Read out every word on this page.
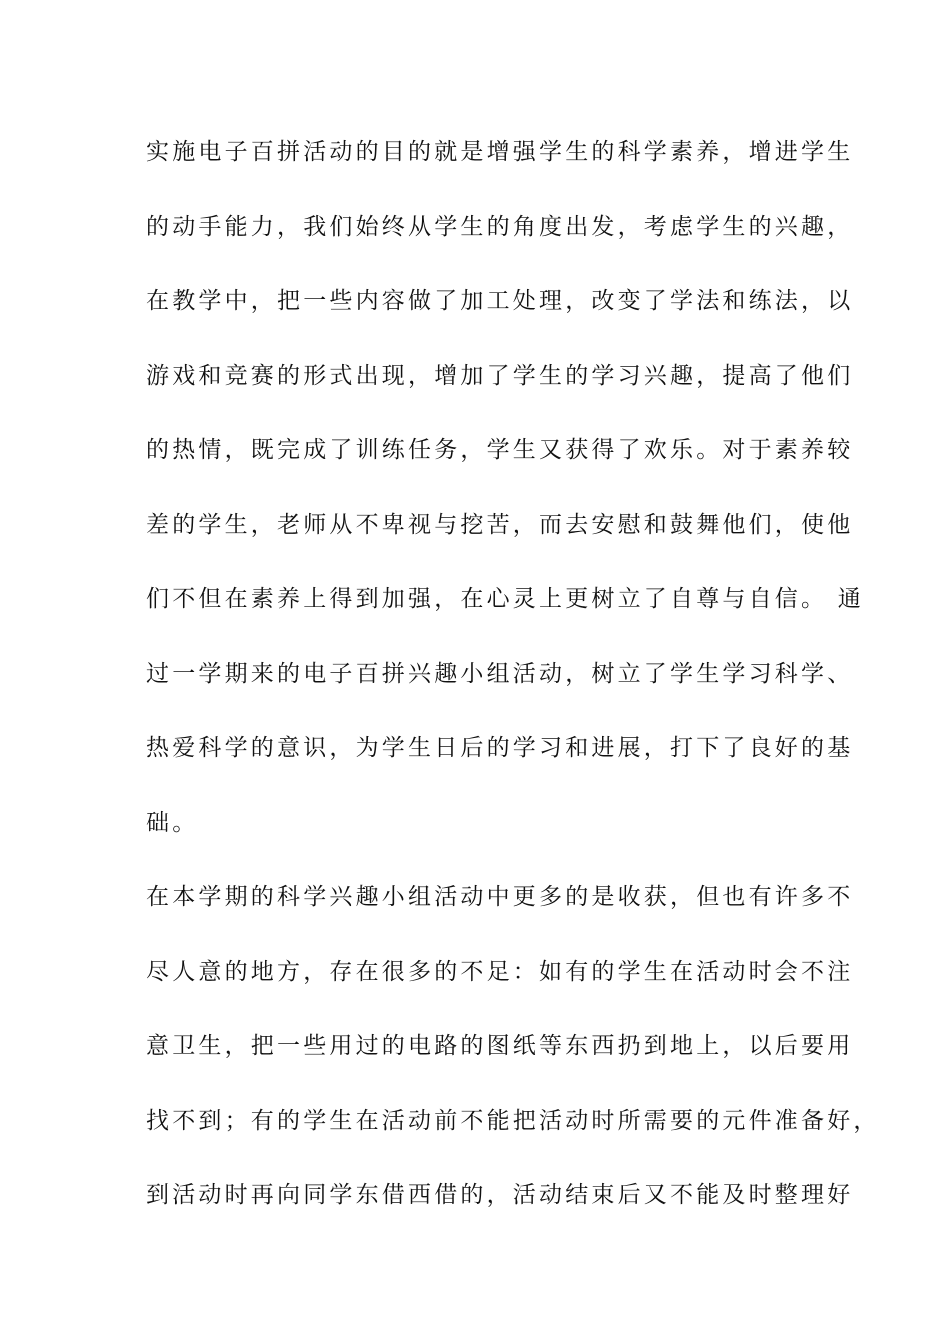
实施电子百拼活动的目的就是增强学生的科学素养，增进学生
的动手能力，我们始终从学生的角度出发，考虑学生的兴趣，
在教学中，把一些内容做了加工处理，改变了学法和练法，以
游戏和竞赛的形式出现，增加了学生的学习兴趣，提高了他们
的热情，既完成了训练任务，学生又获得了欢乐。对于素养较
差的学生，老师从不卑视与挖苦，而去安慰和鼓舞他们，使他
们不但在素养上得到加强，在心灵上更树立了自尊与自信。 通
过一学期来的电子百拼兴趣小组活动，树立了学生学习科学、
热爱科学的意识，为学生日后的学习和进展，打下了良好的基
础。
在本学期的科学兴趣小组活动中更多的是收获，但也有许多不
尽人意的地方，存在很多的不足：如有的学生在活动时会不注
意卫生，把一些用过的电路的图纸等东西扔到地上，以后要用
找不到；有的学生在活动前不能把活动时所需要的元件准备好，
到活动时再向同学东借西借的，活动结束后又不能及时整理好
